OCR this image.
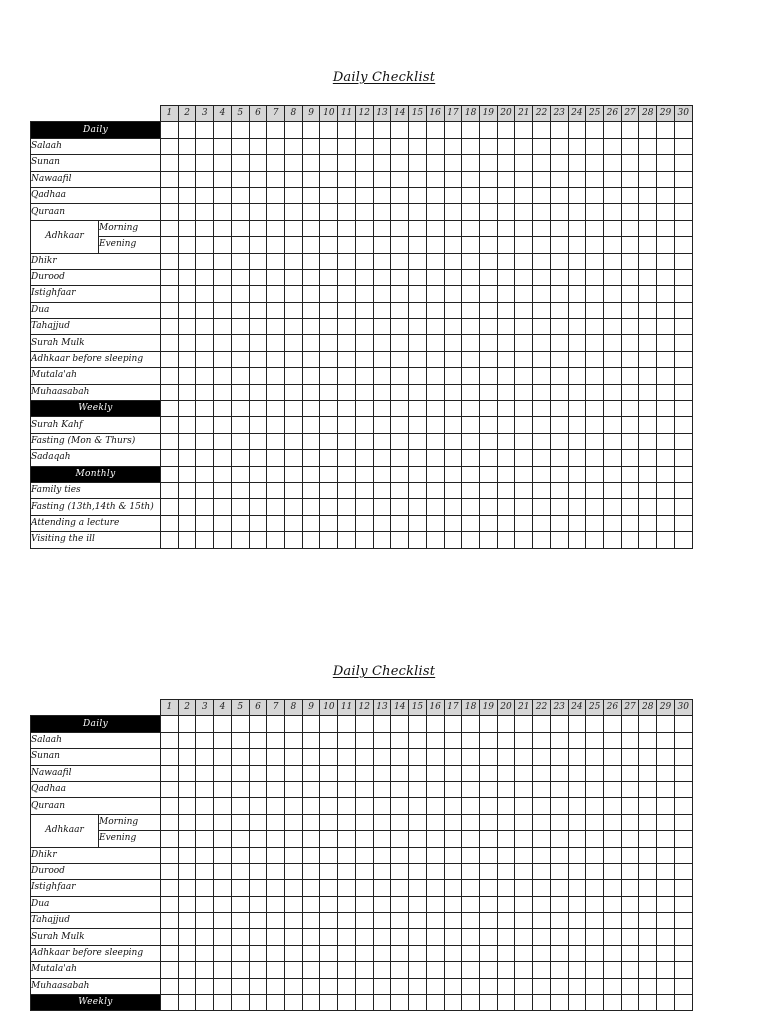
Daily Checklist
		1	2	3	4	5	6	7	8	9	10	11	12	13	14	15	16	17	18	19	20	21	22	23	24	25	26	27	28	29	30
Daily																															
Salaah																															
Sunan																															
Nawaafil																															
Qadhaa																															
Quraan																															
Adhkaar	Morning																														
	Evening																														
Dhikr																															
Durood																															
Istighfaar																															
Dua																															
Tahajjud																															
Surah Mulk																															
Adhkaar before sleeping																															
Mutala'ah																															
Muhaasabah																															
Weekly																															
Surah Kahf																															
Fasting (Mon & Thurs)																															
Sadaqah																															
Monthly																															
Family ties																															
Fasting (13th,14th & 15th)																															
Attending a lecture																															
Visiting the ill																															
Daily Checklist
		1	2	3	4	5	6	7	8	9	10	11	12	13	14	15	16	17	18	19	20	21	22	23	24	25	26	27	28	29	30
Daily																															
Salaah																															
Sunan																															
Nawaafil																															
Qadhaa																															
Quraan																															
Adhkaar	Morning																														
	Evening																														
Dhikr																															
Durood																															
Istighfaar																															
Dua																															
Tahajjud																															
Surah Mulk																															
Adhkaar before sleeping																															
Mutala'ah																															
Muhaasabah																															
Weekly																															
